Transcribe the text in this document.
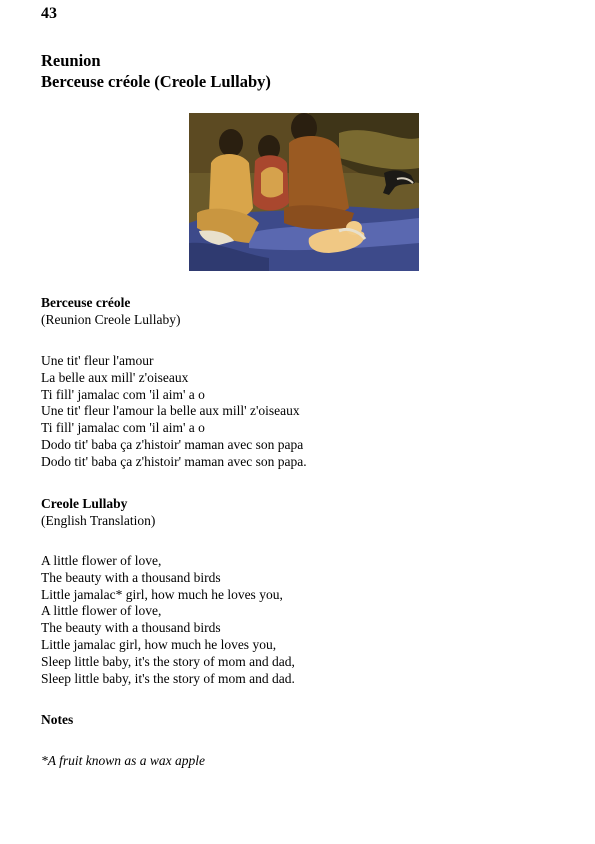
43
Reunion
Berceuse créole (Creole Lullaby)
Berceuse créole
(Reunion Creole Lullaby)
Une tit' fleur l'amour
La belle aux mill' z'oiseaux
Ti fill' jamalac com 'il aim' a o
Une tit' fleur l'amour la belle aux mill' z'oiseaux
Ti fill' jamalac com 'il aim' a o
Dodo tit' baba ça z'histoir' maman avec son papa
Dodo tit' baba ça z'histoir' maman avec son papa.
Creole Lullaby
(English Translation)
A little flower of love,
The beauty with a thousand birds
Little jamalac* girl, how much he loves you,
A little flower of love,
The beauty with a thousand birds
Little jamalac girl, how much he loves you,
Sleep little baby, it's the story of mom and dad,
Sleep little baby, it's the story of mom and dad.
Notes
*A fruit known as a wax apple
